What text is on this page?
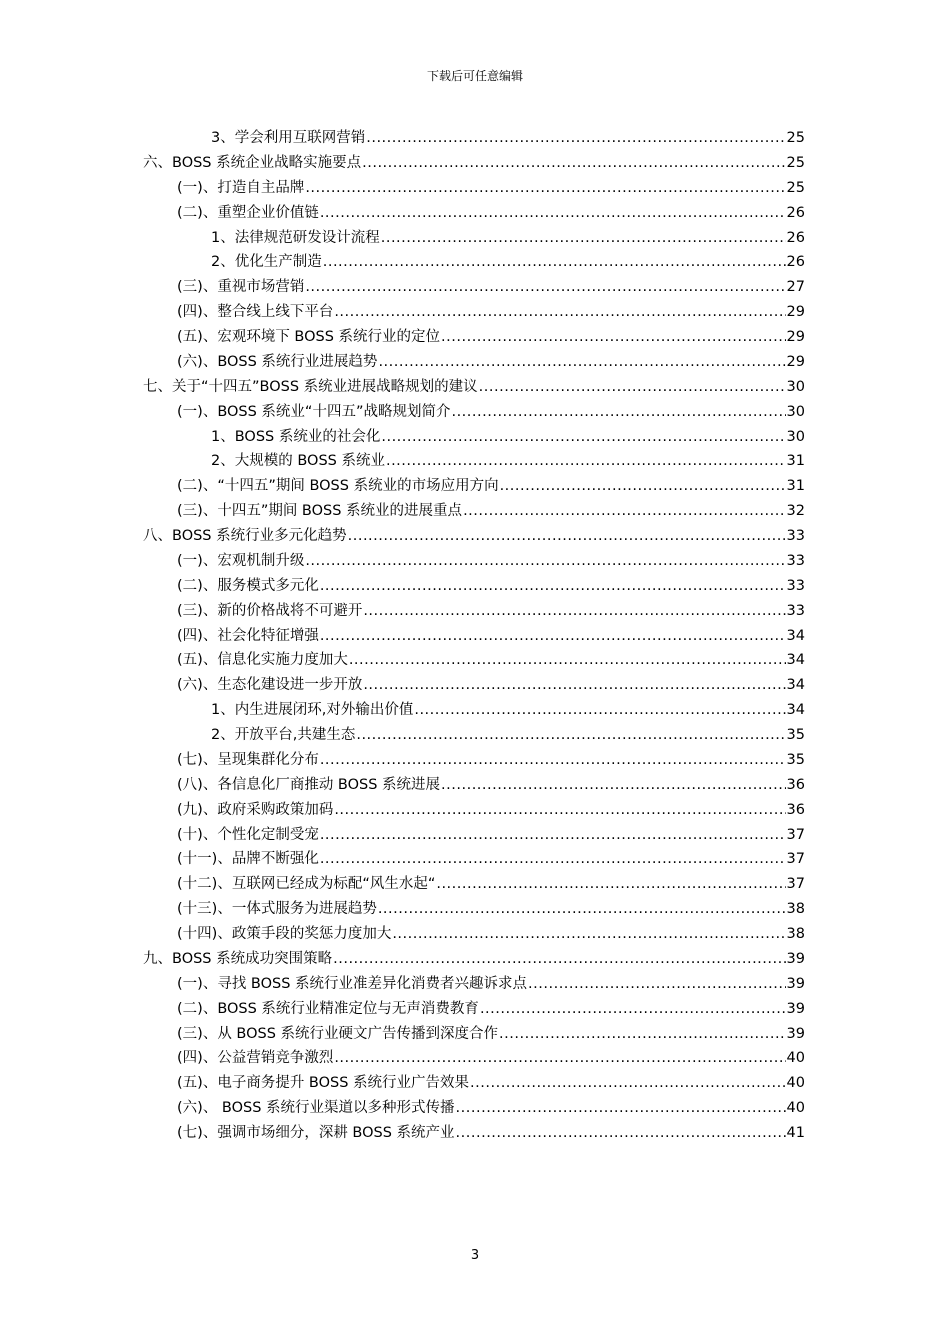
下载后可任意编辑
3、学会利用互联网营销 .....	25
六、BOSS 系统企业战略实施要点 .....	25
(一)、打造自主品牌 .....	25
(二)、重塑企业价值链 .....	26
1、法律规范研发设计流程 .....	26
2、优化生产制造 .....	26
(三)、重视市场营销 .....	27
(四)、整合线上线下平台 .....	29
(五)、宏观环境下 BOSS 系统行业的定位 .....	29
(六)、BOSS 系统行业进展趋势 .....	29
七、关于“十四五”BOSS 系统业进展战略规划的建议 .....	30
(一)、BOSS 系统业“十四五”战略规划简介 .....	30
1、BOSS 系统业的社会化 .....	30
2、大规模的 BOSS 系统业 .....	31
(二)、“十四五”期间 BOSS 系统业的市场应用方向 .....	31
(三)、十四五”期间 BOSS 系统业的进展重点 .....	32
八、BOSS 系统行业多元化趋势 .....	33
(一)、宏观机制升级 .....	33
(二)、服务模式多元化 .....	33
(三)、新的价格战将不可避开 .....	33
(四)、社会化特征增强 .....	34
(五)、信息化实施力度加大 .....	34
(六)、生态化建设进一步开放 .....	34
1、内生进展闭环,对外输出价值 .....	34
2、开放平台,共建生态 .....	35
(七)、呈现集群化分布 .....	35
(八)、各信息化厂商推动 BOSS 系统进展 .....	36
(九)、政府采购政策加码 .....	36
(十)、个性化定制受宠 .....	37
(十一)、品牌不断强化 .....	37
(十二)、互联网已经成为标配“风生水起“ .....	37
(十三)、一体式服务为进展趋势 .....	38
(十四)、政策手段的奖惩力度加大 .....	38
九、BOSS 系统成功突围策略 .....	39
(一)、寻找 BOSS 系统行业准差异化消费者兴趣诉求点 .....	39
(二)、BOSS 系统行业精准定位与无声消费教育 .....	39
(三)、从 BOSS 系统行业硬文广告传播到深度合作 .....	39
(四)、公益营销竞争激烈 .....	40
(五)、电子商务提升 BOSS 系统行业广告效果 .....	40
(六)、 BOSS 系统行业渠道以多种形式传播 .....	40
(七)、强调市场细分，深耕 BOSS 系统产业 .....	41
3
